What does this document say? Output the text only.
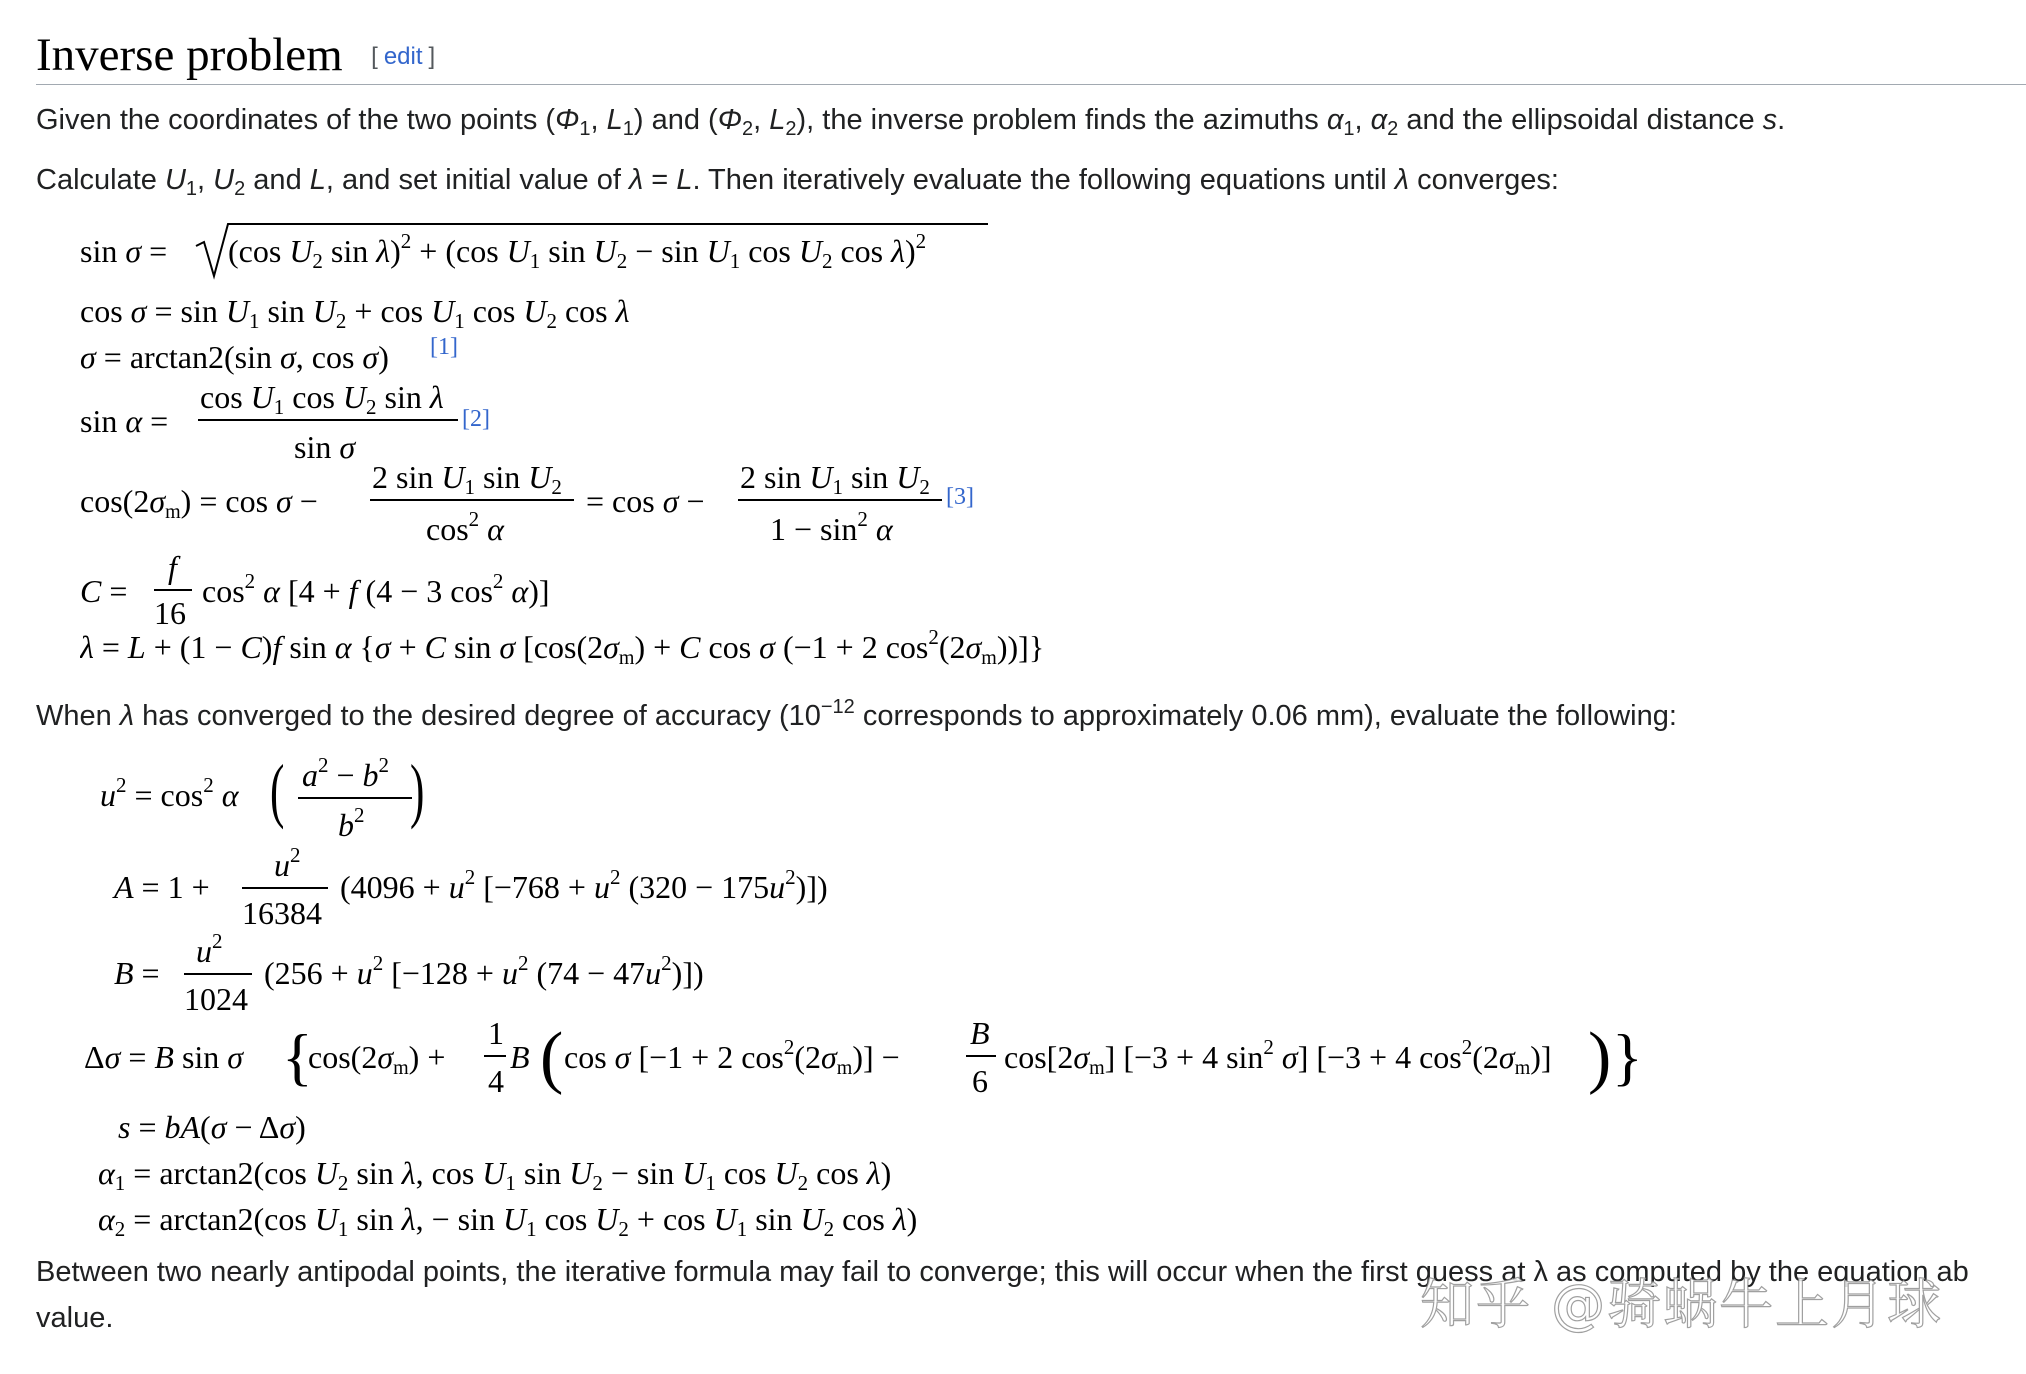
Inverse problem [ edit ]
Given the coordinates of the two points ($\Phi_1$, $L_1$) and ($\Phi_2$, $L_2$), the inverse problem finds the azimuths $\alpha_1$, $\alpha_2$ and the ellipsoidal distance s.
Calculate $U_1$, $U_2$ and L, and set initial value of λ = L. Then iteratively evaluate the following equations until λ converges:
sin σ = (cos U2 sin λ)$^2$ + (cos U1 sin U2 − sin U1 cos U2 cos λ)$^2$
cos σ = sin U1 sin U2 + cos U1 cos U2 cos λ
σ = arctan2(sin σ, cos σ) [1]
sin α =
cos U1 cos U2 sin λ
sin σ
[2]
cos(2σm) = cos σ −
2 sin U1 sin U2
$\cos^2 \alpha$
= cos σ −
2 sin U1 sin U2
$1 - \sin^2 \alpha$
[3]
C =
f
16
$\cos^2 \alpha$ [4 + f (4 − 3 $\cos^2 \alpha$)]
λ = L + (1 − C)f sin α {σ + C sin σ [cos(2σm) + C cos σ (−1 + 2 $\cos^2(2\sigma m)$)]}
When λ has converged to the desired degree of accuracy ($10^{-12}$ corresponds to approximately 0.06 mm), evaluate the following:
$u^2 = \cos^2 \alpha$ ( $a^2 - b^2$
$b^2$ )
A = 1 +
$u^2$
16384
($4096 + u^2$ [$-768 + u^2$ $(320 - 175u^2)$])
B =
$u^2$
1024
($256 + u^2$ [$-128 + u^2$ $(74 - 47u^2)$])
Δσ = B sin σ {
cos(2σm) +
1
4
B ( cos σ [−1 + 2 $\cos^2(2\sigma m)$] −
B
6
cos[2σm] [−3 + 4 $\sin^2 \sigma$] [−3 + 4 $\cos^2(2\sigma m)$] ) }
s = bA(σ − Δσ)
α1 = arctan2(cos U2 sin λ, cos U1 sin U2 − sin U1 cos U2 cos λ)
α2 = arctan2(cos U1 sin λ, − sin U1 cos U2 + cos U1 sin U2 cos λ)
Between two nearly antipodal points, the iterative formula may fail to converge; this will occur when the first guess at λ as computed by the equation ab
value.	知乎 @骑蜗牛上月球
